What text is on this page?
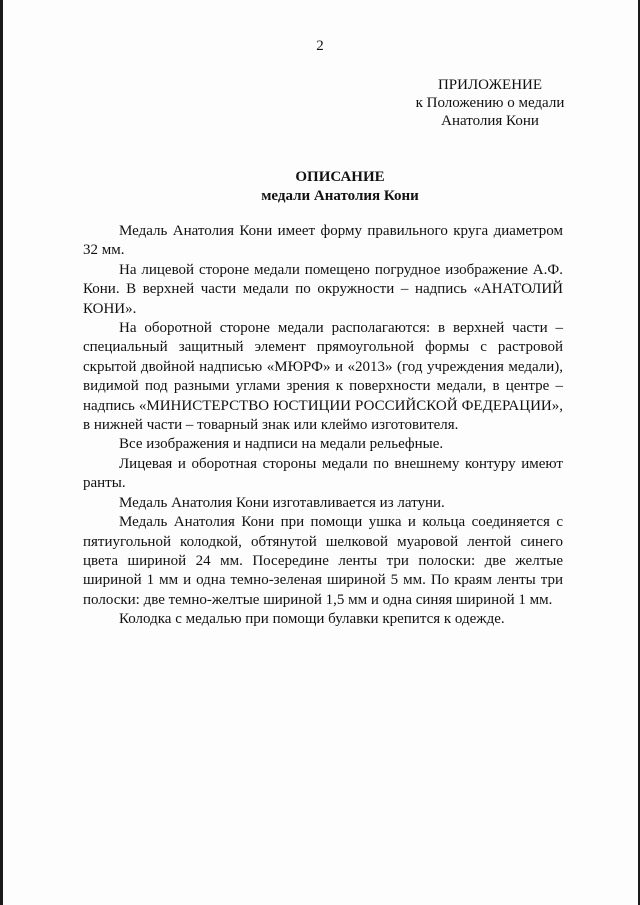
2
ПРИЛОЖЕНИЕ
к Положению о медали
Анатолия Кони
ОПИСАНИЕ
медали Анатолия Кони

Медаль Анатолия Кони имеет форму правильного круга диаметром 32 мм.

На лицевой стороне медали помещено погрудное изображение А.Ф. Кони. В верхней части медали по окружности – надпись «АНАТОЛИЙ КОНИ».

На оборотной стороне медали располагаются: в верхней части – специальный защитный элемент прямоугольной формы с растровой скрытой двойной надписью «МЮРФ» и «2013» (год учреждения медали), видимой под разными углами зрения к поверхности медали, в центре – надпись «МИНИСТЕРСТВО ЮСТИЦИИ РОССИЙСКОЙ ФЕДЕРАЦИИ», в нижней части – товарный знак или клеймо изготовителя.

Все изображения и надписи на медали рельефные.

Лицевая и оборотная стороны медали по внешнему контуру имеют ранты.

Медаль Анатолия Кони изготавливается из латуни.

Медаль Анатолия Кони при помощи ушка и кольца соединяется с пятиугольной колодкой, обтянутой шелковой муаровой лентой синего цвета шириной 24 мм. Посередине ленты три полоски: две желтые шириной 1 мм и одна темно-зеленая шириной 5 мм. По краям ленты три полоски: две темно-желтые шириной 1,5 мм и одна синяя шириной 1 мм.

Колодка с медалью при помощи булавки крепится к одежде.
